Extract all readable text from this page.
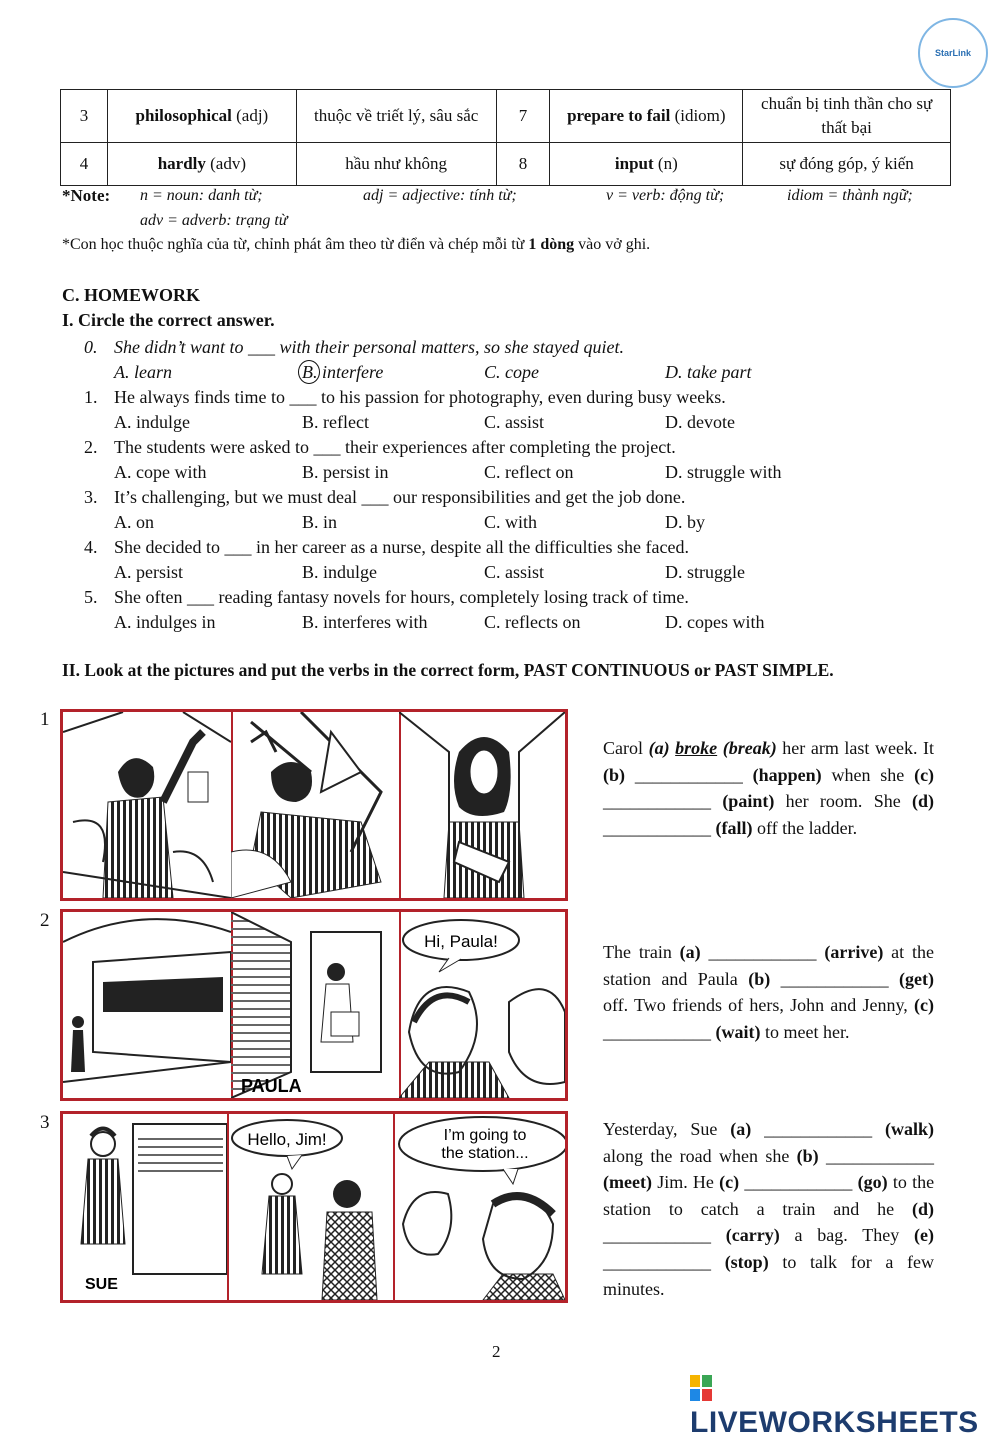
StarLink
3	philosophical (adj)	thuộc về triết lý, sâu sắc	7	prepare to fail (idiom)	chuẩn bị tinh thần cho sự thất bại
4	hardly (adv)	hầu như không	8	input (n)	sự đóng góp, ý kiến
*Note: n = noun: danh từ;	adj = adjective: tính từ;	v = verb: động từ;	idiom = thành ngữ;
adv = adverb: trạng từ
*Con học thuộc nghĩa của từ, chỉnh phát âm theo từ điển và chép mỗi từ 1 dòng vào vở ghi.
C. HOMEWORK
I. Circle the correct answer.
0. She didn’t want to ___ with their personal matters, so she stayed quiet.
A. learn	B. interfere	C. cope	D. take part
1. He always finds time to ___ to his passion for photography, even during busy weeks.
A. indulge	B. reflect	C. assist	D. devote
2. The students were asked to ___ their experiences after completing the project.
A. cope with	B. persist in	C. reflect on	D. struggle with
3. It’s challenging, but we must deal ___ our responsibilities and get the job done.
A. on	B. in	C. with	D. by
4. She decided to ___ in her career as a nurse, despite all the difficulties she faced.
A. persist	B. indulge	C. assist	D. struggle
5. She often ___ reading fantasy novels for hours, completely losing track of time.
A. indulges in	B. interferes with	C. reflects on	D. copes with
II. Look at the pictures and put the verbs in the correct form, PAST CONTINUOUS or PAST SIMPLE.
1
Carol (a) broke (break) her arm last week. It (b) ____________ (happen) when she (c) ____________ (paint) her room. She (d) ____________ (fall) off the ladder.
2
PAULA
Hi, Paula!
The train (a) ____________ (arrive) at the station and Paula (b) ____________ (get) off. Two friends of hers, John and Jenny, (c) ____________ (wait) to meet her.
3
SUE
Hello, Jim!	I’m going to the station...
Yesterday, Sue (a) ____________ (walk) along the road when she (b) ____________ (meet) Jim. He (c) ____________ (go) to the station to catch a train and he (d) ____________ (carry) a bag. They (e) ____________ (stop) to talk for a few minutes.
2
LIVEWORKSHEETS
